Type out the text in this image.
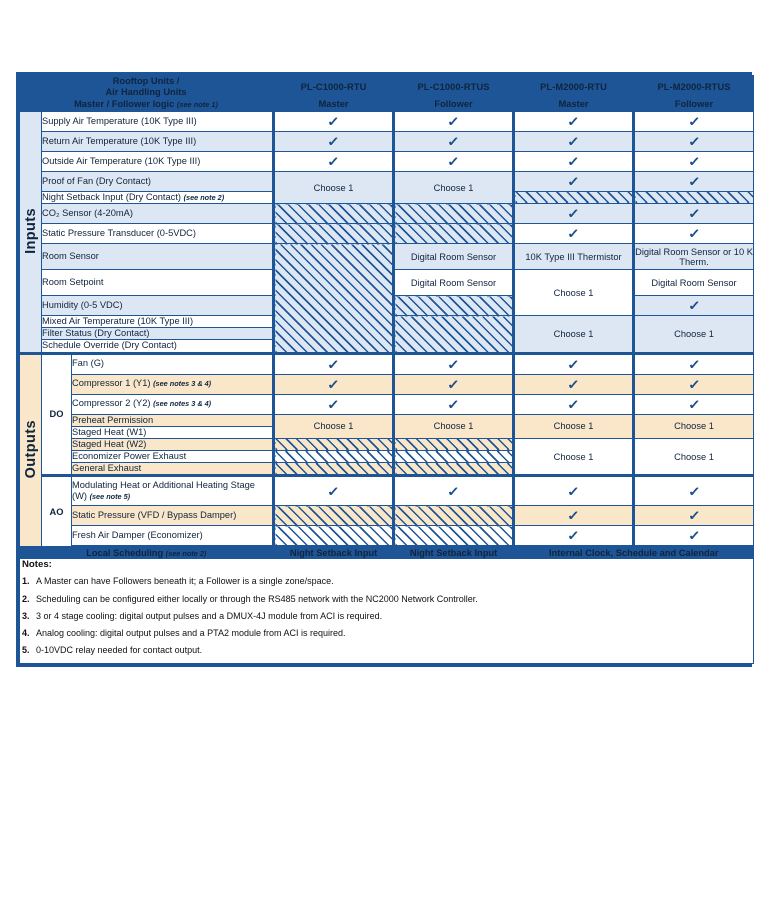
Rooftop Units /
Air Handling Units			PL-C1000-RTU	PL-C1000-RTUS	PL-M2000-RTU	PL-M2000-RTUS
Master / Follower logic (see note 1)			Master	Follower	Master	Follower
Inputs	Supply Air Temperature (10K Type III)		✓	✓	✓	✓
	Return Air Temperature (10K Type III)		✓	✓	✓	✓
	Outside Air Temperature (10K Type III)		✓	✓	✓	✓
	Proof of Fan (Dry Contact)		Choose 1	Choose 1	✓	✓
	Night Setback Input (Dry Contact) (see note 2)					
	CO₂ Sensor (4-20mA)				✓	✓
	Static Pressure Transducer (0-5VDC)				✓	✓
	Room Sensor			Digital Room Sensor	10K Type III Thermistor	Digital Room Sensor or 10 K Therm.
	Room Setpoint			Digital Room Sensor	Choose 1	Digital Room Sensor
	Humidity (0-5 VDC)					✓
	Mixed Air Temperature (10K Type III)				Choose 1	Choose 1
	Filter Status (Dry Contact)					
	Schedule Override (Dry Contact)					
Outputs	DO	Fan (G)	✓	✓	✓	✓
		Compressor 1 (Y1) (see notes 3 & 4)	✓	✓	✓	✓
		Compressor 2 (Y2) (see notes 3 & 4)	✓	✓	✓	✓
		Preheat Permission	Choose 1	Choose 1	Choose 1	Choose 1
		Staged Heat (W1)				
		Staged Heat (W2)			Choose 1	Choose 1
		Economizer Power Exhaust				
		General Exhaust				
	AO	Modulating Heat or Additional Heating Stage (W) (see note 5)	✓	✓	✓	✓
		Static Pressure (VFD / Bypass Damper)			✓	✓
		Fresh Air Damper (Economizer)			✓	✓
Local Scheduling (see note 2)			Night Setback Input	Night Setback Input	Internal Clock, Schedule and Calendar	

Notes:
1. A Master can have Followers beneath it; a Follower is a single zone/space.
2. Scheduling can be configured either locally or through the RS485 network with the NC2000 Network Controller.
3. 3 or 4 stage cooling: digital output pulses and a DMUX-4J module from ACI is required.
4. Analog cooling: digital output pulses and a PTA2 module from ACI is required.
5. 0-10VDC relay needed for contact output.
